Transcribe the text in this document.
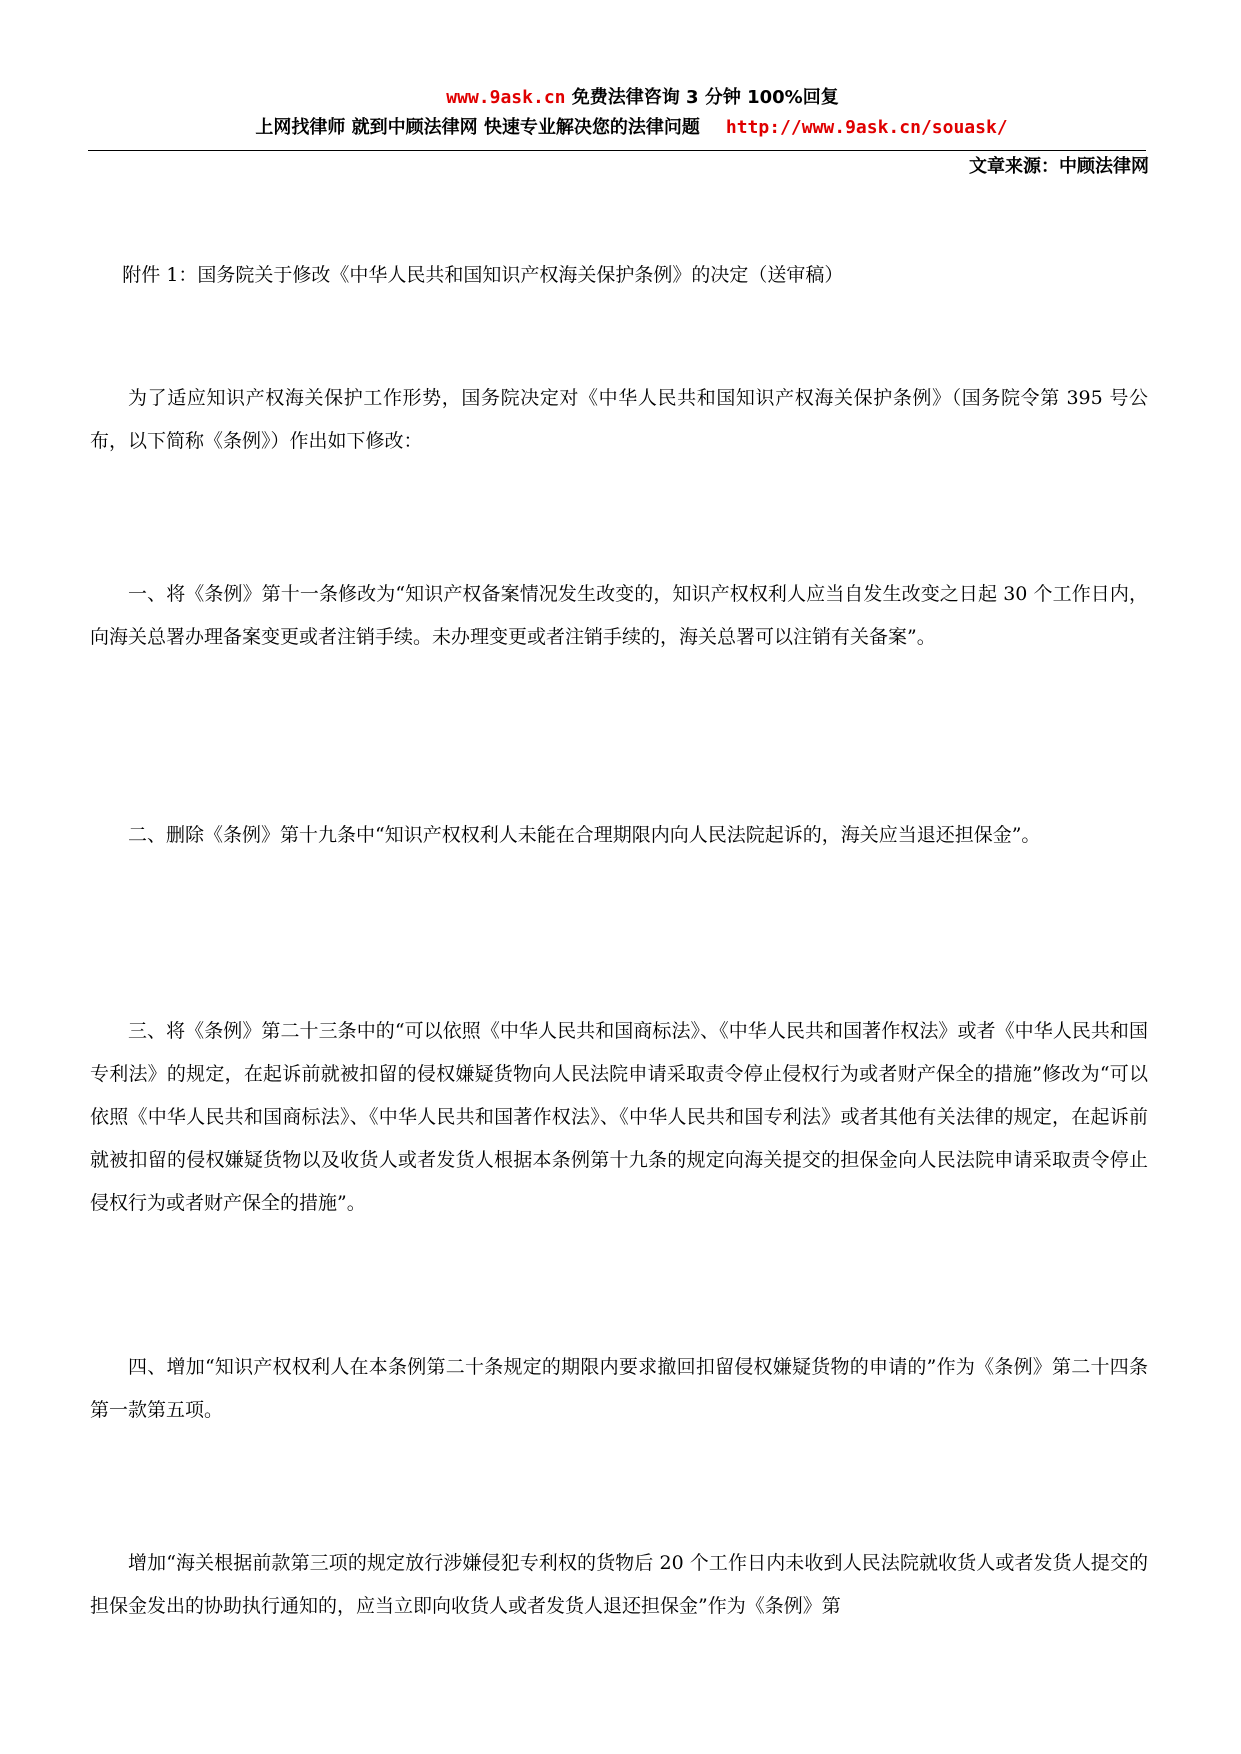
www.9ask.cn 免费法律咨询 3 分钟 100%回复
上网找律师 就到中顾法律网 快速专业解决您的法律问题 http://www.9ask.cn/souask/
文章来源：中顾法律网

附件 1：国务院关于修改《中华人民共和国知识产权海关保护条例》的决定（送审稿）

为了适应知识产权海关保护工作形势，国务院决定对《中华人民共和国知识产权海关保护条例》（国务院令第 395 号公布，以下简称《条例》）作出如下修改：

一、将《条例》第十一条修改为“知识产权备案情况发生改变的，知识产权权利人应当自发生改变之日起 30 个工作日内，向海关总署办理备案变更或者注销手续。未办理变更或者注销手续的，海关总署可以注销有关备案”。

二、删除《条例》第十九条中“知识产权权利人未能在合理期限内向人民法院起诉的，海关应当退还担保金”。

三、将《条例》第二十三条中的“可以依照《中华人民共和国商标法》、《中华人民共和国著作权法》或者《中华人民共和国专利法》的规定，在起诉前就被扣留的侵权嫌疑货物向人民法院申请采取责令停止侵权行为或者财产保全的措施”修改为“可以依照《中华人民共和国商标法》、《中华人民共和国著作权法》、《中华人民共和国专利法》或者其他有关法律的规定，在起诉前就被扣留的侵权嫌疑货物以及收货人或者发货人根据本条例第十九条的规定向海关提交的担保金向人民法院申请采取责令停止侵权行为或者财产保全的措施”。

四、增加“知识产权权利人在本条例第二十条规定的期限内要求撤回扣留侵权嫌疑货物的申请的”作为《条例》第二十四条第一款第五项。

增加“海关根据前款第三项的规定放行涉嫌侵犯专利权的货物后 20 个工作日内未收到人民法院就收货人或者发货人提交的担保金发出的协助执行通知的，应当立即向收货人或者发货人退还担保金”作为《条例》第
